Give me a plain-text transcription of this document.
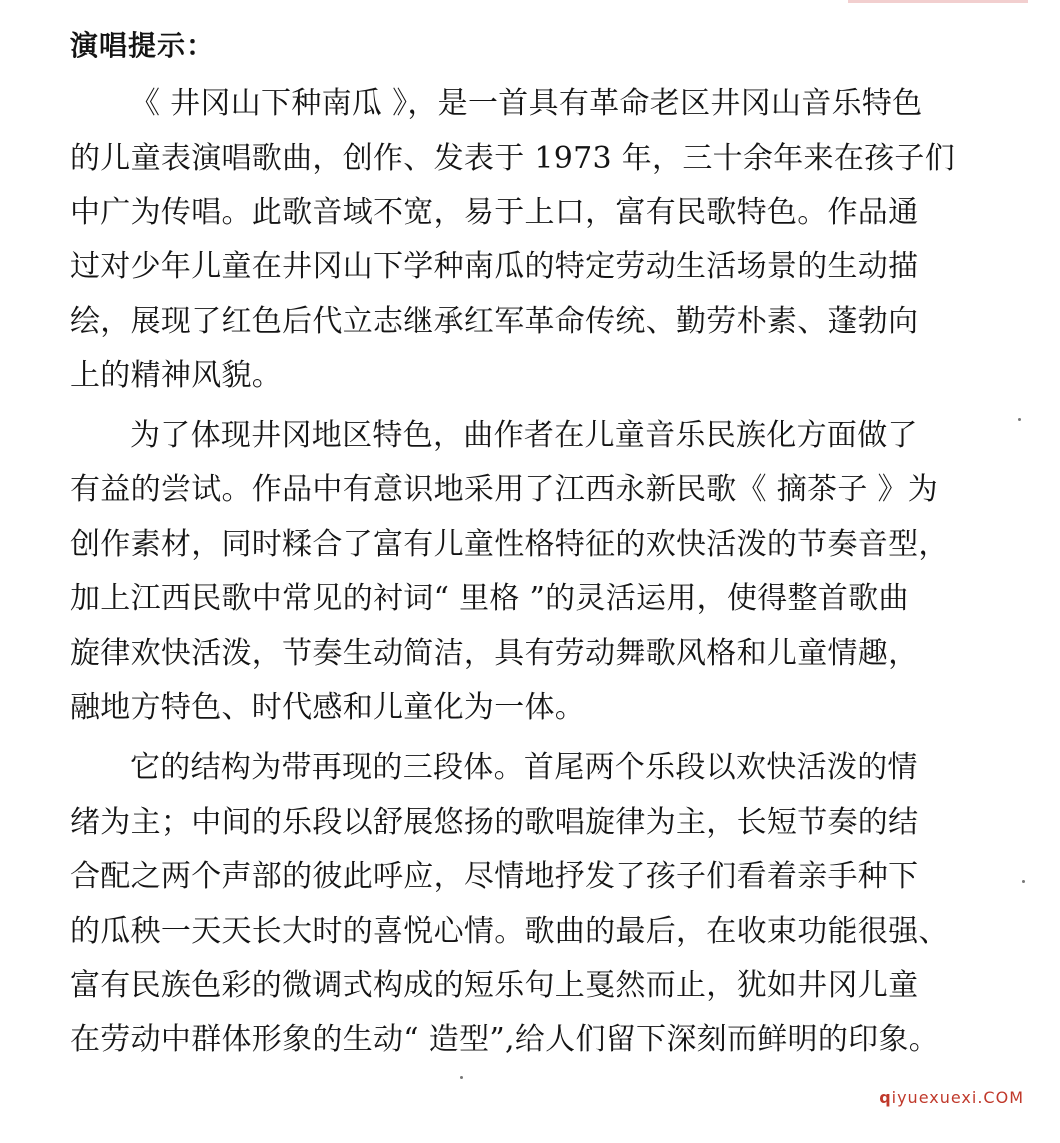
演唱提示：
《 井冈山下种南瓜 》，是一首具有革命老区井冈山音乐特色
的儿童表演唱歌曲，创作、发表于 1973 年，三十余年来在孩子们
中广为传唱。此歌音域不宽，易于上口，富有民歌特色。作品通
过对少年儿童在井冈山下学种南瓜的特定劳动生活场景的生动描
绘，展现了红色后代立志继承红军革命传统、勤劳朴素、蓬勃向
上的精神风貌。
为了体现井冈地区特色，曲作者在儿童音乐民族化方面做了
有益的尝试。作品中有意识地采用了江西永新民歌《 摘茶子 》为
创作素材，同时糅合了富有儿童性格特征的欢快活泼的节奏音型，
加上江西民歌中常见的衬词“ 里格 ”的灵活运用，使得整首歌曲
旋律欢快活泼，节奏生动简洁，具有劳动舞歌风格和儿童情趣，
融地方特色、时代感和儿童化为一体。
它的结构为带再现的三段体。首尾两个乐段以欢快活泼的情
绪为主；中间的乐段以舒展悠扬的歌唱旋律为主，长短节奏的结
合配之两个声部的彼此呼应，尽情地抒发了孩子们看着亲手种下
的瓜秧一天天长大时的喜悦心情。歌曲的最后，在收束功能很强、
富有民族色彩的微调式构成的短乐句上戛然而止，犹如井冈儿童
在劳动中群体形象的生动“ 造型”,给人们留下深刻而鲜明的印象。
qiyuexuexi.COM
